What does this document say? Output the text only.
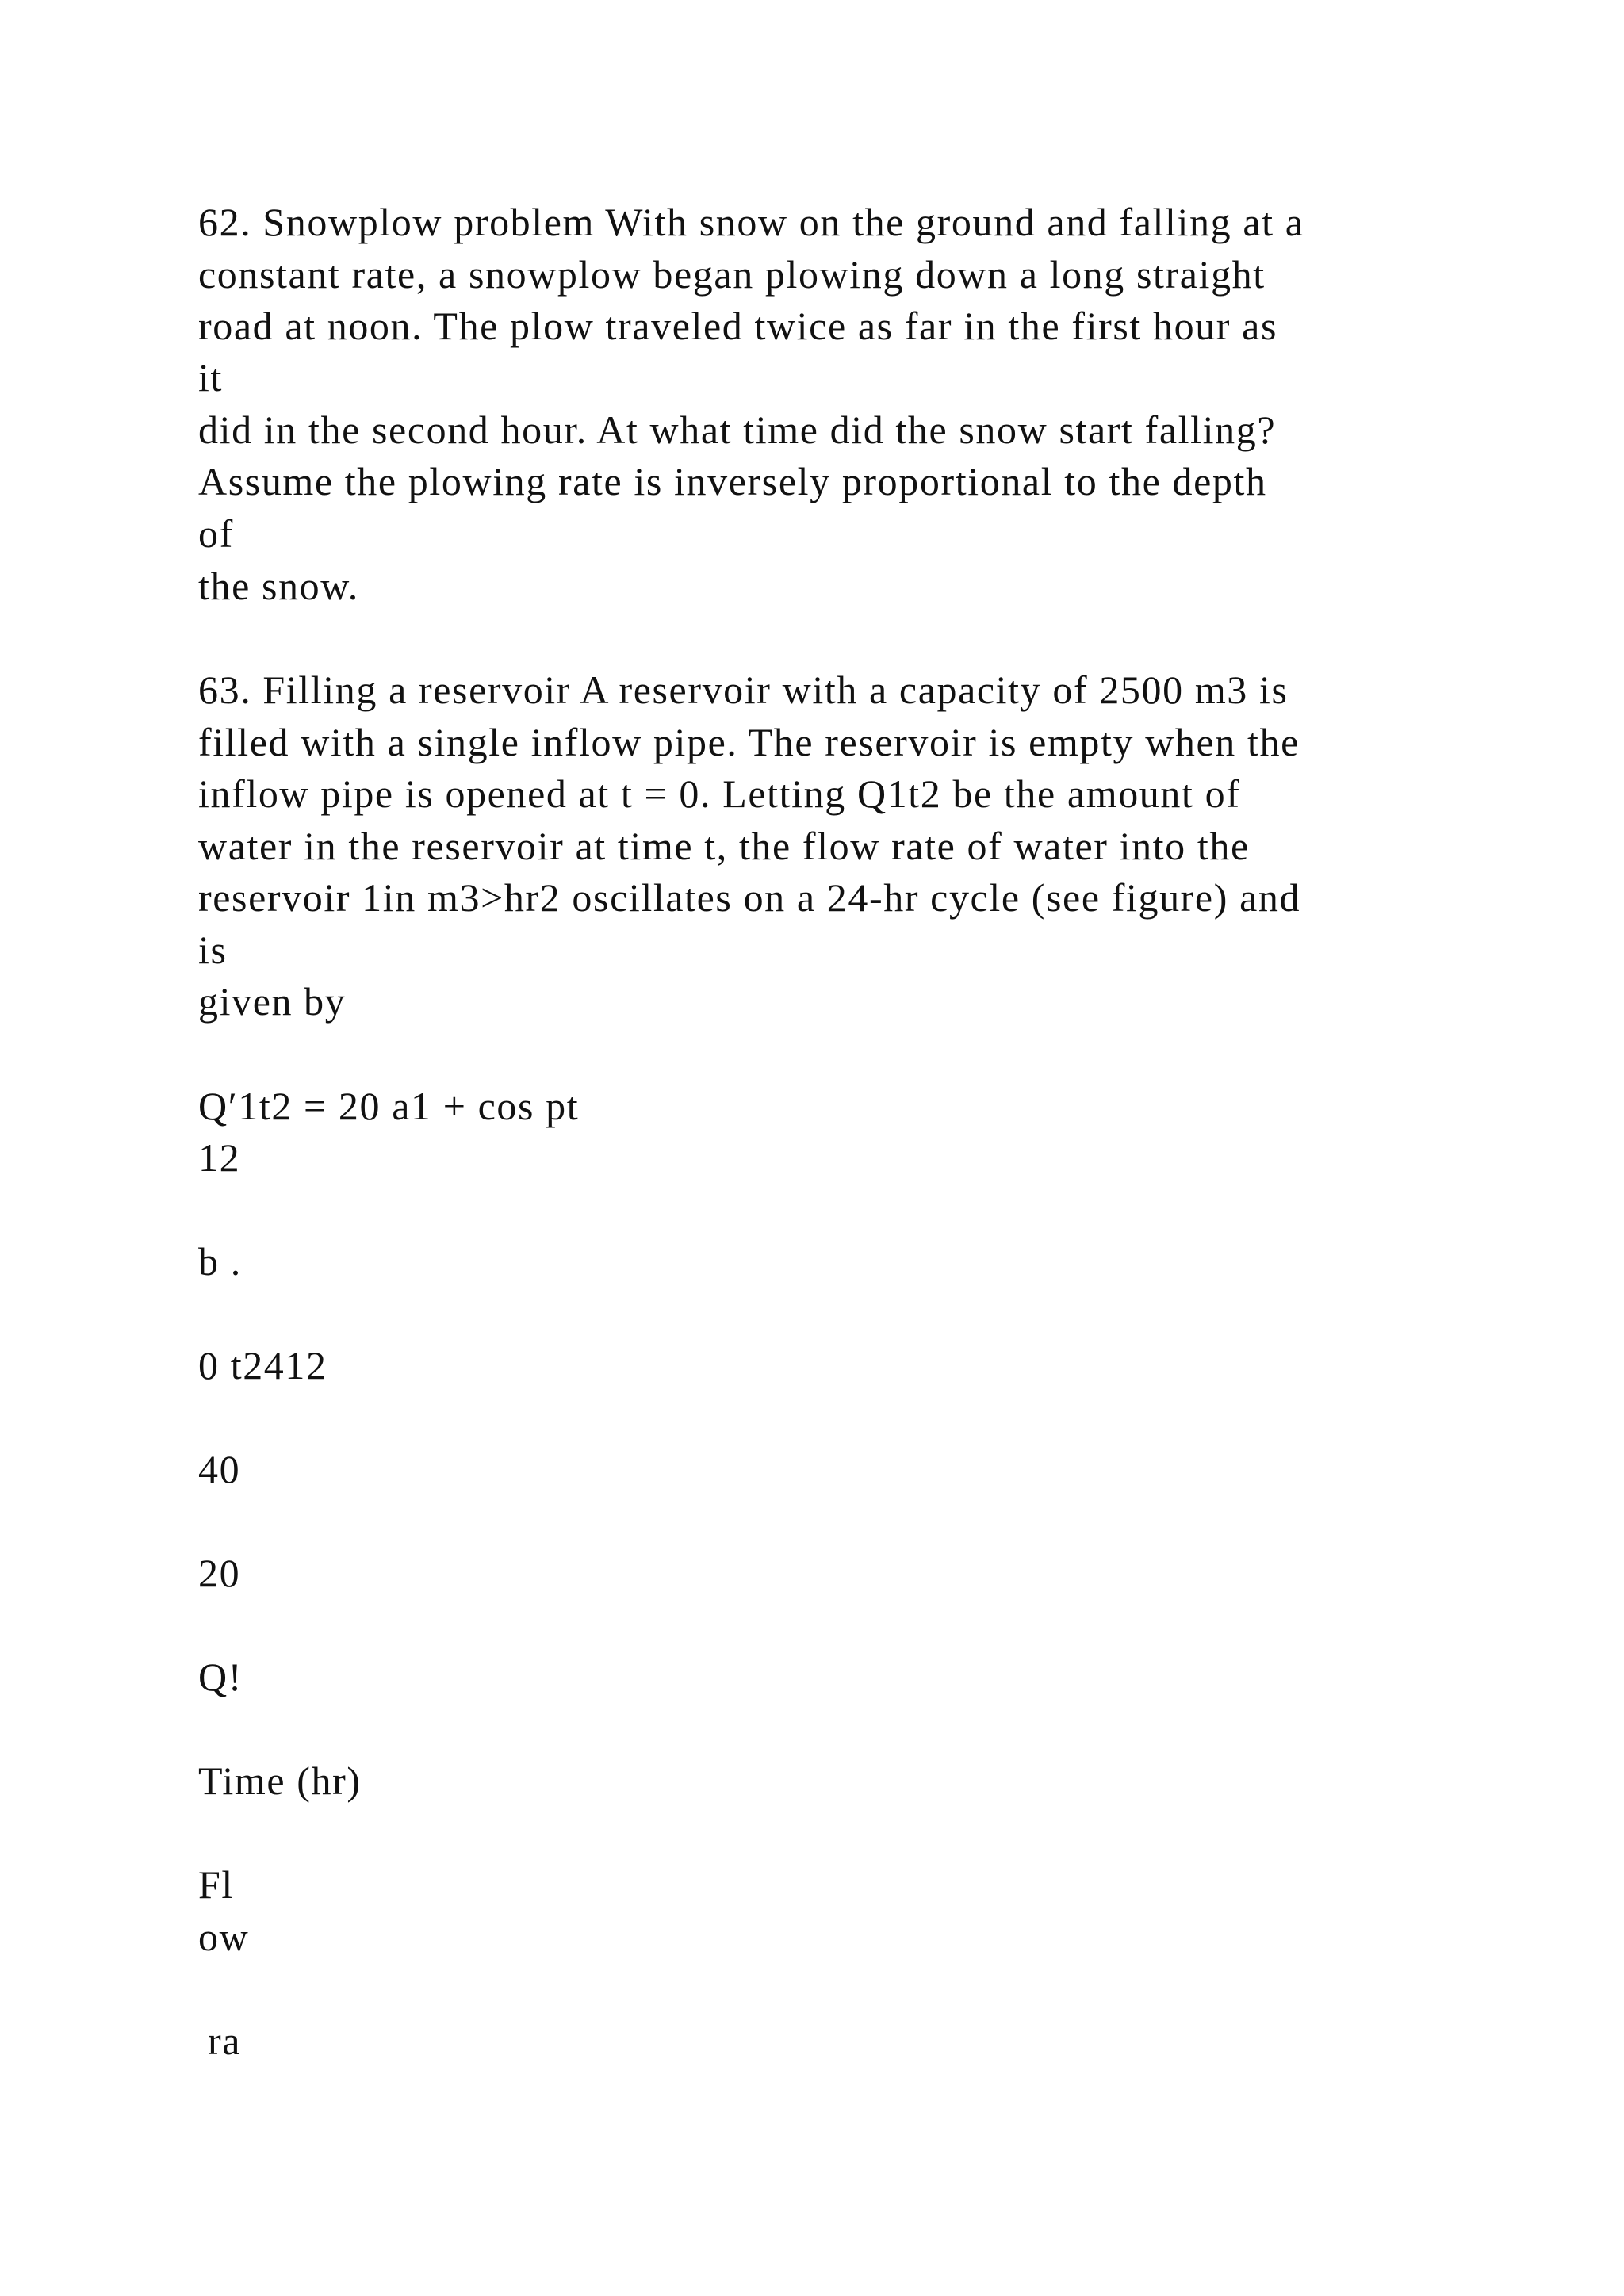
62. Snowplow problem With snow on the ground and falling at a

constant rate, a snowplow began plowing down a long straight

road at noon. The plow traveled twice as far in the first hour as

it

did in the second hour. At what time did the snow start falling?

Assume the plowing rate is inversely proportional to the depth

of

the snow.

63. Filling a reservoir A reservoir with a capacity of 2500 m3 is

filled with a single inflow pipe. The reservoir is empty when the

inflow pipe is opened at t = 0. Letting Q1t2 be the amount of

water in the reservoir at time t, the flow rate of water into the

reservoir 1in m3>hr2 oscillates on a 24-hr cycle (see figure) and

is

given by

Q′1t2 = 20 a1 + cos pt

12

b .

0 t2412

40

20

Q!

Time (hr)

Fl

ow

ra
